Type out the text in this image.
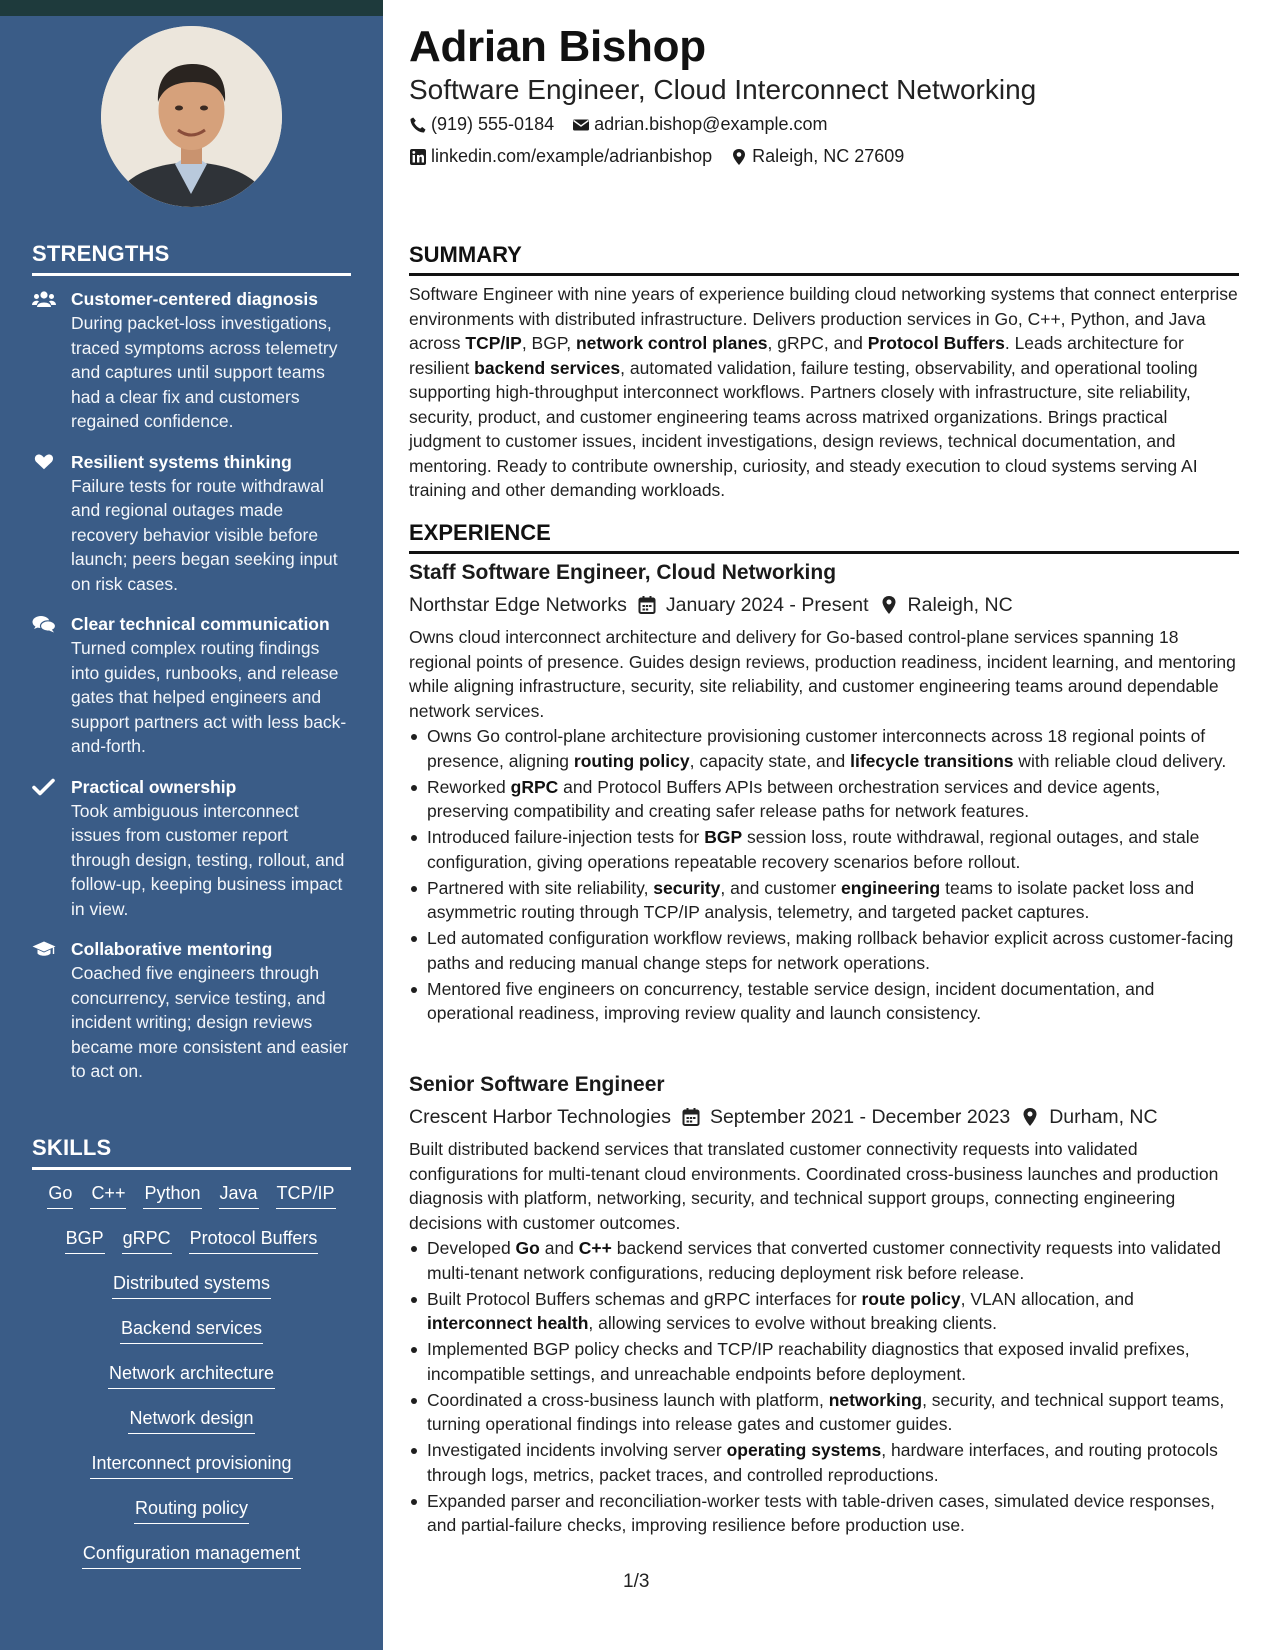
STRENGTHS
Customer-centered diagnosis
During packet-loss investigations, traced symptoms across telemetry and captures until support teams had a clear fix and customers regained confidence.
Resilient systems thinking
Failure tests for route withdrawal and regional outages made recovery behavior visible before launch; peers began seeking input on risk cases.
Clear technical communication
Turned complex routing findings into guides, runbooks, and release gates that helped engineers and support partners act with less back-and-forth.
Practical ownership
Took ambiguous interconnect issues from customer report through design, testing, rollout, and follow-up, keeping business impact in view.
Collaborative mentoring
Coached five engineers through concurrency, service testing, and incident writing; design reviews became more consistent and easier to act on.
SKILLS
Go C++ Python Java TCP/IP
BGP gRPC Protocol Buffers
Distributed systems
Backend services
Network architecture
Network design
Interconnect provisioning
Routing policy
Configuration management
Adrian Bishop
Software Engineer, Cloud Interconnect Networking
(919) 555-0184 adrian.bishop@example.com
linkedin.com/example/adrianbishop Raleigh, NC 27609
SUMMARY
Software Engineer with nine years of experience building cloud networking systems that connect enterprise environments with distributed infrastructure. Delivers production services in Go, C++, Python, and Java across TCP/IP, BGP, network control planes, gRPC, and Protocol Buffers. Leads architecture for resilient backend services, automated validation, failure testing, observability, and operational tooling supporting high-throughput interconnect workflows. Partners closely with infrastructure, site reliability, security, product, and customer engineering teams across matrixed organizations. Brings practical judgment to customer issues, incident investigations, design reviews, technical documentation, and mentoring. Ready to contribute ownership, curiosity, and steady execution to cloud systems serving AI training and other demanding workloads.
EXPERIENCE
Staff Software Engineer, Cloud Networking
Northstar Edge Networks January 2024 - Present Raleigh, NC
Owns cloud interconnect architecture and delivery for Go-based control-plane services spanning 18 regional points of presence. Guides design reviews, production readiness, incident learning, and mentoring while aligning infrastructure, security, site reliability, and customer engineering teams around dependable network services.
Owns Go control-plane architecture provisioning customer interconnects across 18 regional points of presence, aligning routing policy, capacity state, and lifecycle transitions with reliable cloud delivery.
Reworked gRPC and Protocol Buffers APIs between orchestration services and device agents, preserving compatibility and creating safer release paths for network features.
Introduced failure-injection tests for BGP session loss, route withdrawal, regional outages, and stale configuration, giving operations repeatable recovery scenarios before rollout.
Partnered with site reliability, security, and customer engineering teams to isolate packet loss and asymmetric routing through TCP/IP analysis, telemetry, and targeted packet captures.
Led automated configuration workflow reviews, making rollback behavior explicit across customer-facing paths and reducing manual change steps for network operations.
Mentored five engineers on concurrency, testable service design, incident documentation, and operational readiness, improving review quality and launch consistency.
Senior Software Engineer
Crescent Harbor Technologies September 2021 - December 2023 Durham, NC
Built distributed backend services that translated customer connectivity requests into validated configurations for multi-tenant cloud environments. Coordinated cross-business launches and production diagnosis with platform, networking, security, and technical support groups, connecting engineering decisions with customer outcomes.
Developed Go and C++ backend services that converted customer connectivity requests into validated multi-tenant network configurations, reducing deployment risk before release.
Built Protocol Buffers schemas and gRPC interfaces for route policy, VLAN allocation, and interconnect health, allowing services to evolve without breaking clients.
Implemented BGP policy checks and TCP/IP reachability diagnostics that exposed invalid prefixes, incompatible settings, and unreachable endpoints before deployment.
Coordinated a cross-business launch with platform, networking, security, and technical support teams, turning operational findings into release gates and customer guides.
Investigated incidents involving server operating systems, hardware interfaces, and routing protocols through logs, metrics, packet traces, and controlled reproductions.
Expanded parser and reconciliation-worker tests with table-driven cases, simulated device responses, and partial-failure checks, improving resilience before production use.
1/3
